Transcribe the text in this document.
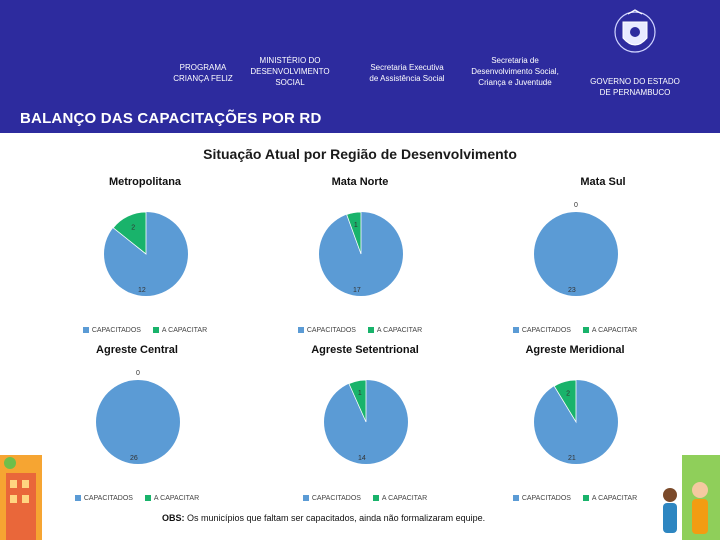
PROGRAMA
CRIANÇA FELIZ
MINISTÉRIO DO
DESENVOLVIMENTO
SOCIAL
Secretaria Executiva
de Assistência Social
Secretaria de
Desenvolvimento Social,
Criança e Juventude	GOVERNO DO ESTADO
DE PERNAMBUCO
BALANÇO DAS CAPACITAÇÕES POR RD
Situação Atual por Região de Desenvolvimento
Metropolitana
12
2
CAPACITADOS	A CAPACITAR
Mata Norte
17
1
CAPACITADOS	A CAPACITAR
Mata Sul
23
0
CAPACITADOS	A CAPACITAR
Agreste Central
26
0
CAPACITADOS	A CAPACITAR
Agreste Setentrional
14
1
CAPACITADOS	A CAPACITAR
Agreste Meridional
21
2
CAPACITADOS	A CAPACITAR
OBS: Os municípios que faltam ser capacitados, ainda não formalizaram equipe.
